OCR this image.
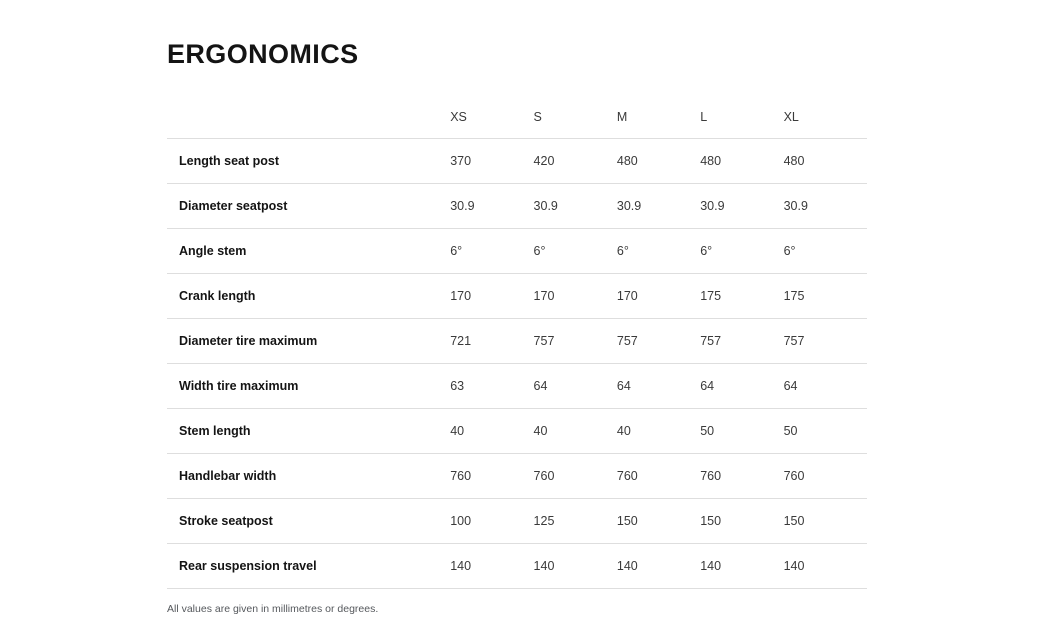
ERGONOMICS
	XS	S	M	L	XL
Length seat post	370	420	480	480	480
Diameter seatpost	30.9	30.9	30.9	30.9	30.9
Angle stem	6°	6°	6°	6°	6°
Crank length	170	170	170	175	175
Diameter tire maximum	721	757	757	757	757
Width tire maximum	63	64	64	64	64
Stem length	40	40	40	50	50
Handlebar width	760	760	760	760	760
Stroke seatpost	100	125	150	150	150
Rear suspension travel	140	140	140	140	140
All values are given in millimetres or degrees.
